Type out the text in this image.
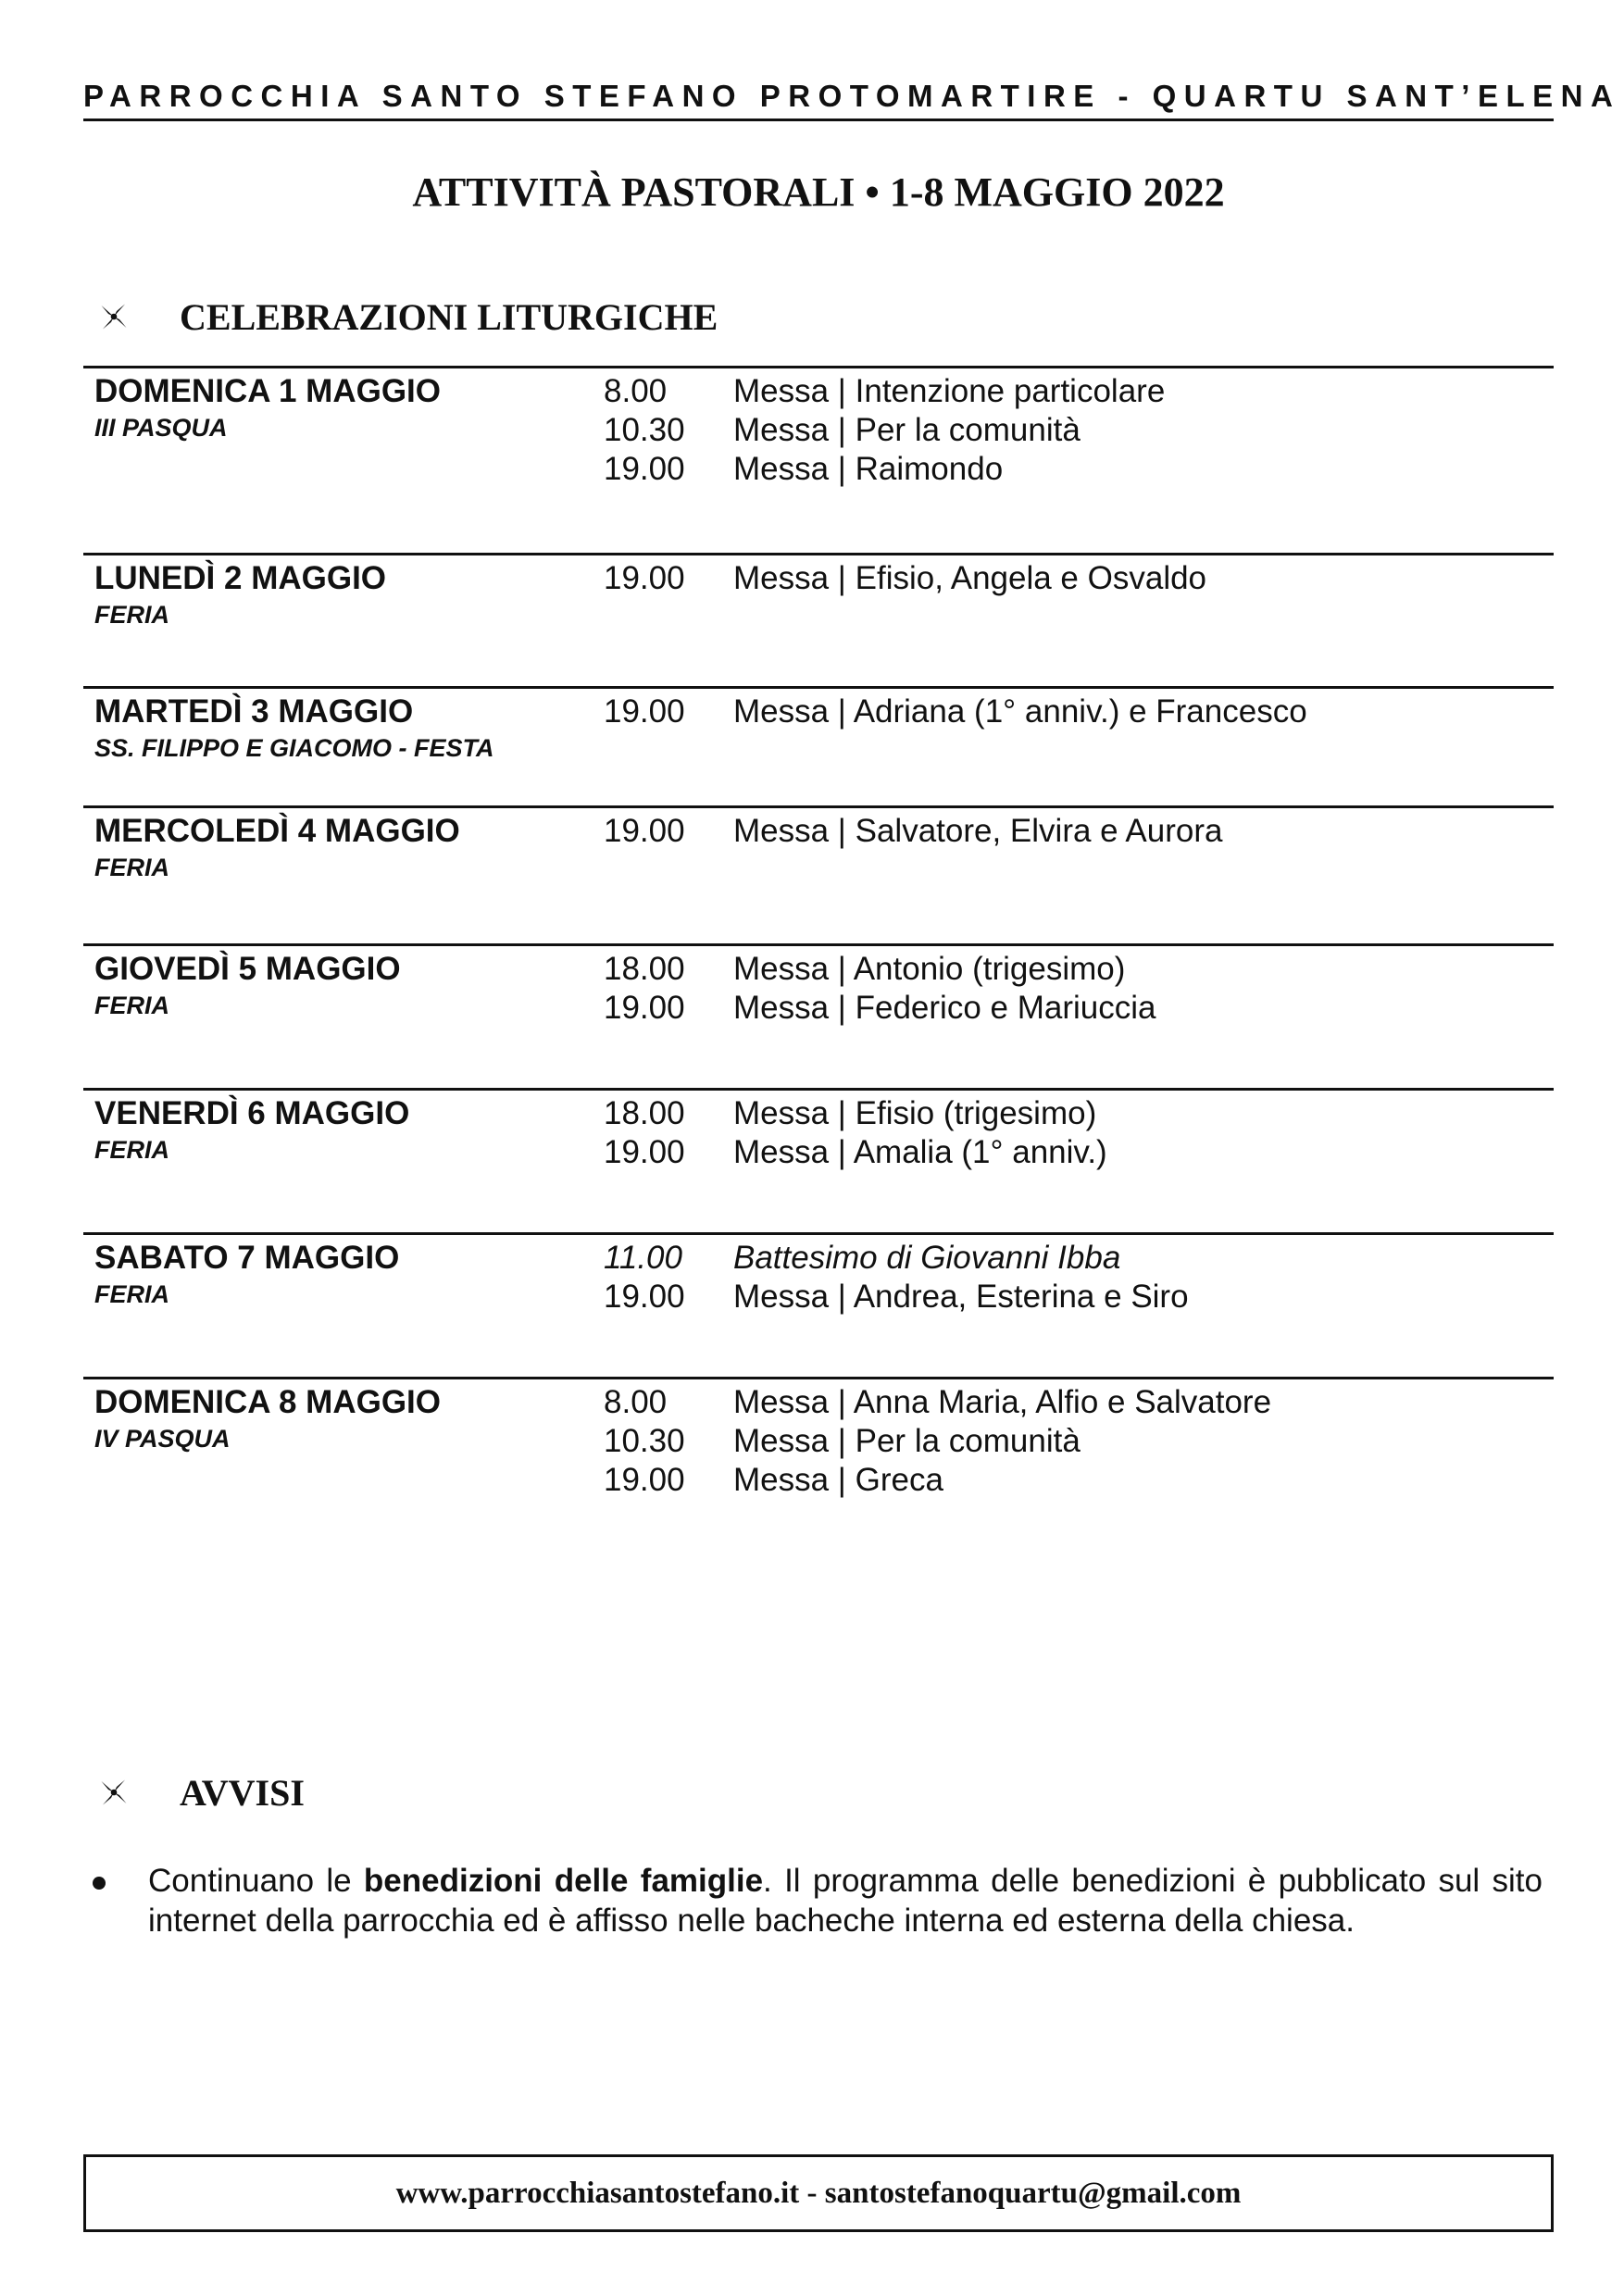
PARROCCHIA SANTO STEFANO PROTOMARTIRE - QUARTU SANT’ELENA
ATTIVITÀ PASTORALI • 1-8 MAGGIO 2022
CELEBRAZIONI LITURGICHE
DOMENICA 1 MAGGIO
III PASQUA
8.00 Messa | Intenzione particolare
10.30 Messa | Per la comunità
19.00 Messa | Raimondo
LUNEDÌ 2 MAGGIO
FERIA
19.00 Messa | Efisio, Angela e Osvaldo
MARTEDÌ 3 MAGGIO
SS. FILIPPO E GIACOMO - FESTA
19.00 Messa | Adriana (1° anniv.) e Francesco
MERCOLEDÌ 4 MAGGIO
FERIA
19.00 Messa | Salvatore, Elvira e Aurora
GIOVEDÌ 5 MAGGIO
FERIA
18.00 Messa | Antonio (trigesimo)
19.00 Messa | Federico e Mariuccia
VENERDÌ 6 MAGGIO
FERIA
18.00 Messa | Efisio (trigesimo)
19.00 Messa | Amalia (1° anniv.)
SABATO 7 MAGGIO
FERIA
11.00 Battesimo di Giovanni Ibba
19.00 Messa | Andrea, Esterina e Siro
DOMENICA 8 MAGGIO
IV PASQUA
8.00 Messa | Anna Maria, Alfio e Salvatore
10.30 Messa | Per la comunità
19.00 Messa | Greca
AVVISI
Continuano le benedizioni delle famiglie. Il programma delle benedizioni è pubblicato sul sito internet della parrocchia ed è affisso nelle bacheche interna ed esterna della chiesa.
www.parrocchiasantostefano.it - santostefanoquartu@gmail.com
